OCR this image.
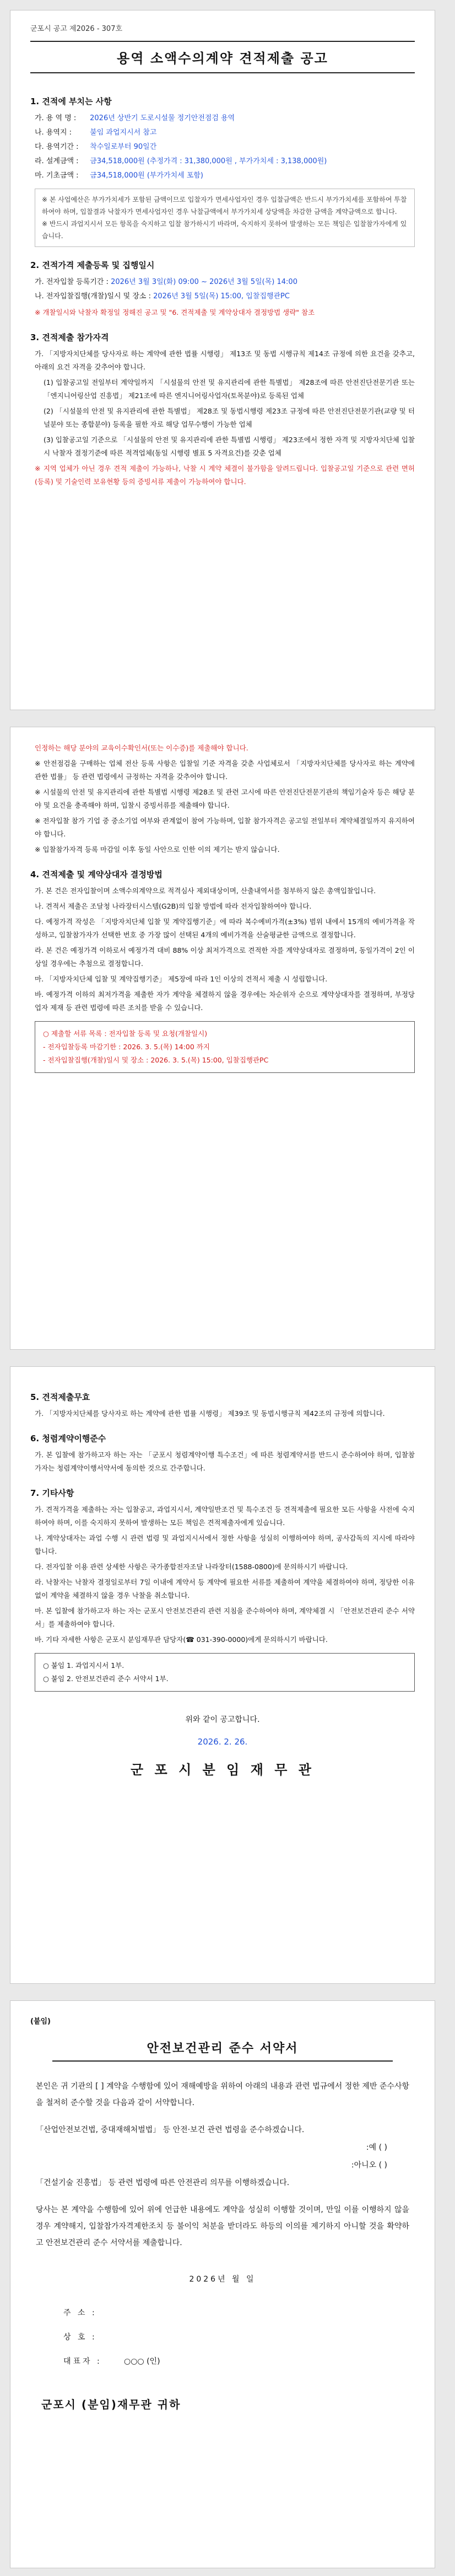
군포시 공고 제2026 - 307호
용역 소액수의계약 견적제출 공고
1. 견적에 부치는 사항
가. 용 역 명 : 2026년 상반기 도로시설물 정기안전점검 용역
나. 용역지 :	불임 과업지시서 참고
다. 용역기간 : 착수일로부터 90일간
라. 설계금액 : 금34,518,000원 (추정가격 : 31,380,000원 , 부가가치세 : 3,138,000원)
마. 기초금액 : 금34,518,000원 (부가가치세 포함)
※ 본 사업예산은 부가가치세가 포함된 금액이므로 입찰자가 면세사업자인 경우 입찰금액은 반드시 부가가치세를 포함하여 투찰하여야 하며, 입찰결과 낙찰자가 면세사업자인 경우 낙찰금액에서 부가가치세 상당액을 차감한 금액을 계약금액으로 합니다.
※ 반드시 과업지시서 모든 항목을 숙지하고 입찰 참가하시기 바라며, 숙지하지 못하여 발생하는 모든 책임은 입찰참가자에게 있습니다.
2. 견적가격 제출등록 및 집행일시
가. 전자입찰 등록기간 : 2026년 3월 3일(화) 09:00 ~ 2026년 3월 5일(목) 14:00
나. 전자입찰집행(개찰)일시 및 장소 : 2026년 3월 5일(목) 15:00, 입찰집행관PC
※ 개찰일시와 낙찰자 확정일 정해진 공고 및 "6. 견적제출 및 계약상대자 결정방법 생략" 참조
3. 견적제출 참가자격
가. 「지방자치단체를 당사자로 하는 계약에 관한 법률 시행령」 제13조 및 동법 시행규칙 제14조 규정에 의한 요건을 갖추고, 아래의 요건 자격을 갖추어야 합니다.
(1) 입찰공고일 전일부터 계약일까지 「시설물의 안전 및 유지관리에 관한 특별법」 제28조에 따른 안전진단전문기관 또는 「엔지니어링산업 진흥법」 제21조에 따른 엔지니어링사업자(토목분야)로 등록된 업체
(2) 「시설물의 안전 및 유지관리에 관한 특별법」 제28조 및 동법시행령 제23조 규정에 따른 안전진단전문기관(교량 및 터널분야 또는 종합분야) 등록을 필한 자로 해당 업무수행이 가능한 업체
(3) 입찰공고일 기준으로 「시설물의 안전 및 유지관리에 관한 특별법 시행령」 제23조에서 정한 자격 및 지방자치단체 입찰 시 낙찰자 결정기준에 따른 적격업체(동일 시행령 별표 5 자격요건)를 갖춘 업체
※ 지역 업체가 아닌 경우 견적 제출이 가능하나, 낙찰 시 계약 체결이 불가함을 알려드립니다. 입찰공고일 기준으로 관련 면허(등록) 및 기술인력 보유현황 등의 증빙서류 제출이 가능하여야 합니다.
인정하는 해당 분야의 교육이수확인서(또는 이수증)를 제출해야 합니다.
※ 안전점검을 구매하는 업체 전산 등록 사항은 입찰일 기준 자격을 갖춘 사업체로서 「지방자치단체를 당사자로 하는 계약에 관한 법률」 등 관련 법령에서 규정하는 자격을 갖추어야 합니다.
※ 시설물의 안전 및 유지관리에 관한 특별법 시행령 제28조 및 관련 고시에 따른 안전진단전문기관의 책임기술자 등은 해당 분야 및 요건을 충족해야 하며, 입찰시 증빙서류를 제출해야 합니다.
※ 전자입찰 참가 기업 중 중소기업 여부와 관계없이 참여 가능하며, 입찰 참가자격은 공고일 전일부터 계약체결일까지 유지하여야 합니다.
※ 입찰참가자격 등록 마감일 이후 동일 사안으로 인한 이의 제기는 받지 않습니다.
4. 견적제출 및 계약상대자 결정방법
가. 본 건은 전자입찰이며 소액수의계약으로 적격심사 제외대상이며, 산출내역서를 첨부하지 않은 총액입찰입니다.
나. 견적서 제출은 조달청 나라장터시스템(G2B)의 입찰 방법에 따라 전자입찰하여야 합니다.
다. 예정가격 작성은 「지방자치단체 입찰 및 계약집행기준」에 따라 복수예비가격(±3%) 범위 내에서 15개의 예비가격을 작성하고, 입찰참가자가 선택한 번호 중 가장 많이 선택된 4개의 예비가격을 산술평균한 금액으로 결정합니다.
라. 본 건은 예정가격 이하로서 예정가격 대비 88% 이상 최저가격으로 견적한 자를 계약상대자로 결정하며, 동일가격이 2인 이상일 경우에는 추첨으로 결정합니다.
마. 「지방자치단체 입찰 및 계약집행기준」 제5장에 따라 1인 이상의 견적서 제출 시 성립합니다.
바. 예정가격 이하의 최저가격을 제출한 자가 계약을 체결하지 않을 경우에는 차순위자 순으로 계약상대자를 결정하며, 부정당업자 제재 등 관련 법령에 따른 조치를 받을 수 있습니다.
○ 제출할 서류 목록 : 전자입찰 등록 및 요청(개찰일시)
- 전자입찰등록 마감기한 : 2026. 3. 5.(목) 14:00 까지
- 전자입찰집행(개찰)일시 및 장소 : 2026. 3. 5.(목) 15:00, 입찰집행관PC
5. 견적제출무효
가. 「지방자치단체를 당사자로 하는 계약에 관한 법률 시행령」 제39조 및 동법시행규칙 제42조의 규정에 의합니다.
6. 청렴계약이행준수
가. 본 입찰에 참가하고자 하는 자는 「군포시 청렴계약이행 특수조건」에 따른 청렴계약서를 반드시 준수하여야 하며, 입찰참가자는 청렴계약이행서약서에 동의한 것으로 간주합니다.
7. 기타사항
가. 견적가격을 제출하는 자는 입찰공고, 과업지시서, 계약일반조건 및 특수조건 등 견적제출에 필요한 모든 사항을 사전에 숙지하여야 하며, 이를 숙지하지 못하여 발생하는 모든 책임은 견적제출자에게 있습니다.
나. 계약상대자는 과업 수행 시 관련 법령 및 과업지시서에서 정한 사항을 성실히 이행하여야 하며, 공사감독의 지시에 따라야 합니다.
다. 전자입찰 이용 관련 상세한 사항은 국가종합전자조달 나라장터(1588-0800)에 문의하시기 바랍니다.
라. 낙찰자는 낙찰자 결정일로부터 7일 이내에 계약서 등 계약에 필요한 서류를 제출하여 계약을 체결하여야 하며, 정당한 이유 없이 계약을 체결하지 않을 경우 낙찰을 취소합니다.
마. 본 입찰에 참가하고자 하는 자는 군포시 안전보건관리 관련 지침을 준수하여야 하며, 계약체결 시 「안전보건관리 준수 서약서」를 제출하여야 합니다.
바. 기타 자세한 사항은 군포시 분임재무관 담당자(☎ 031-390-0000)에게 문의하시기 바랍니다.
○ 붙임 1. 과업지시서 1부.
○ 붙임 2. 안전보건관리 준수 서약서 1부.
위와 같이 공고합니다.
2026. 2. 26.
군 포 시 분 임 재 무 관
(붙임)
안전보건관리 준수 서약서
본인은 귀 기관의 [ ] 계약을 수행함에 있어 재해예방을 위하여 아래의 내용과 관련 법규에서 정한 제반 준수사항을 철저히 준수할 것을 다음과 같이 서약합니다.
「산업안전보건법, 중대재해처벌법」 등 안전·보건 관련 법령을 준수하겠습니다.
:예 ( )
:아니오 ( )
「건설기술 진흥법」 등 관련 법령에 따른 안전관리 의무를 이행하겠습니다.
당사는 본 계약을 수행함에 있어 위에 언급한 내용에도 계약을 성실히 이행할 것이며, 만일 이를 이행하지 않을 경우 계약해지, 입찰참가자격제한조치 등 불이익 처분을 받더라도 하등의 이의를 제기하지 아니할 것을 확약하고 안전보건관리 준수 서약서를 제출합니다.
2026년 월 일
주 소 :
상 호 :
대표자 :	○○○ (인)
군포시 (분임)재무관 귀하
